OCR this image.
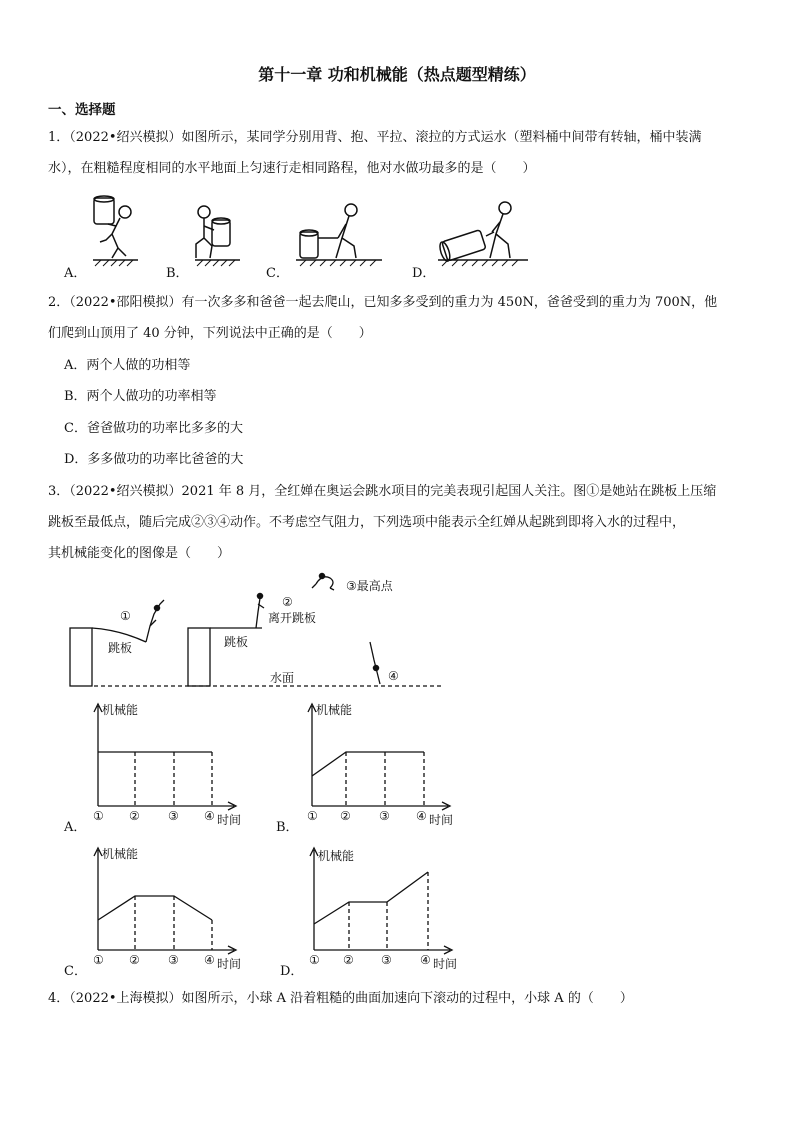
第十一章 功和机械能（热点题型精练）
一、选择题
1．（2022•绍兴模拟）如图所示，某同学分别用背、抱、平拉、滚拉的方式运水（塑料桶中间带有转轴，桶中装满
水），在粗糙程度相同的水平地面上匀速行走相同路程，他对水做功最多的是（　　）
A．	B．	C．	D．
2．（2022•邵阳模拟）有一次多多和爸爸一起去爬山，已知多多受到的重力为 450N，爸爸受到的重力为 700N，他
们爬到山顶用了 40 分钟，下列说法中正确的是（　　）
A．两个人做的功相等
B．两个人做功的功率相等
C．爸爸做功的功率比多多的大
D．多多做功的功率比爸爸的大
3．（2022•绍兴模拟）2021 年 8 月，全红婵在奥运会跳水项目的完美表现引起国人关注。图①是她站在跳板上压缩
跳板至最低点，随后完成②③④动作。不考虑空气阻力，下列选项中能表示全红婵从起跳到即将入水的过程中，
其机械能变化的图像是（　　）
①
②
离开跳板
③最高点
④
跳板	跳板
水面
机械能
① ② ③ ④ 时间
A．
机械能
① ② ③ ④ 时间
B．
机械能
① ② ③ ④ 时间
C．
机械能
① ② ③ ④ 时间
D．
4．（2022•上海模拟）如图所示，小球 A 沿着粗糙的曲面加速向下滚动的过程中，小球 A 的（　　）
